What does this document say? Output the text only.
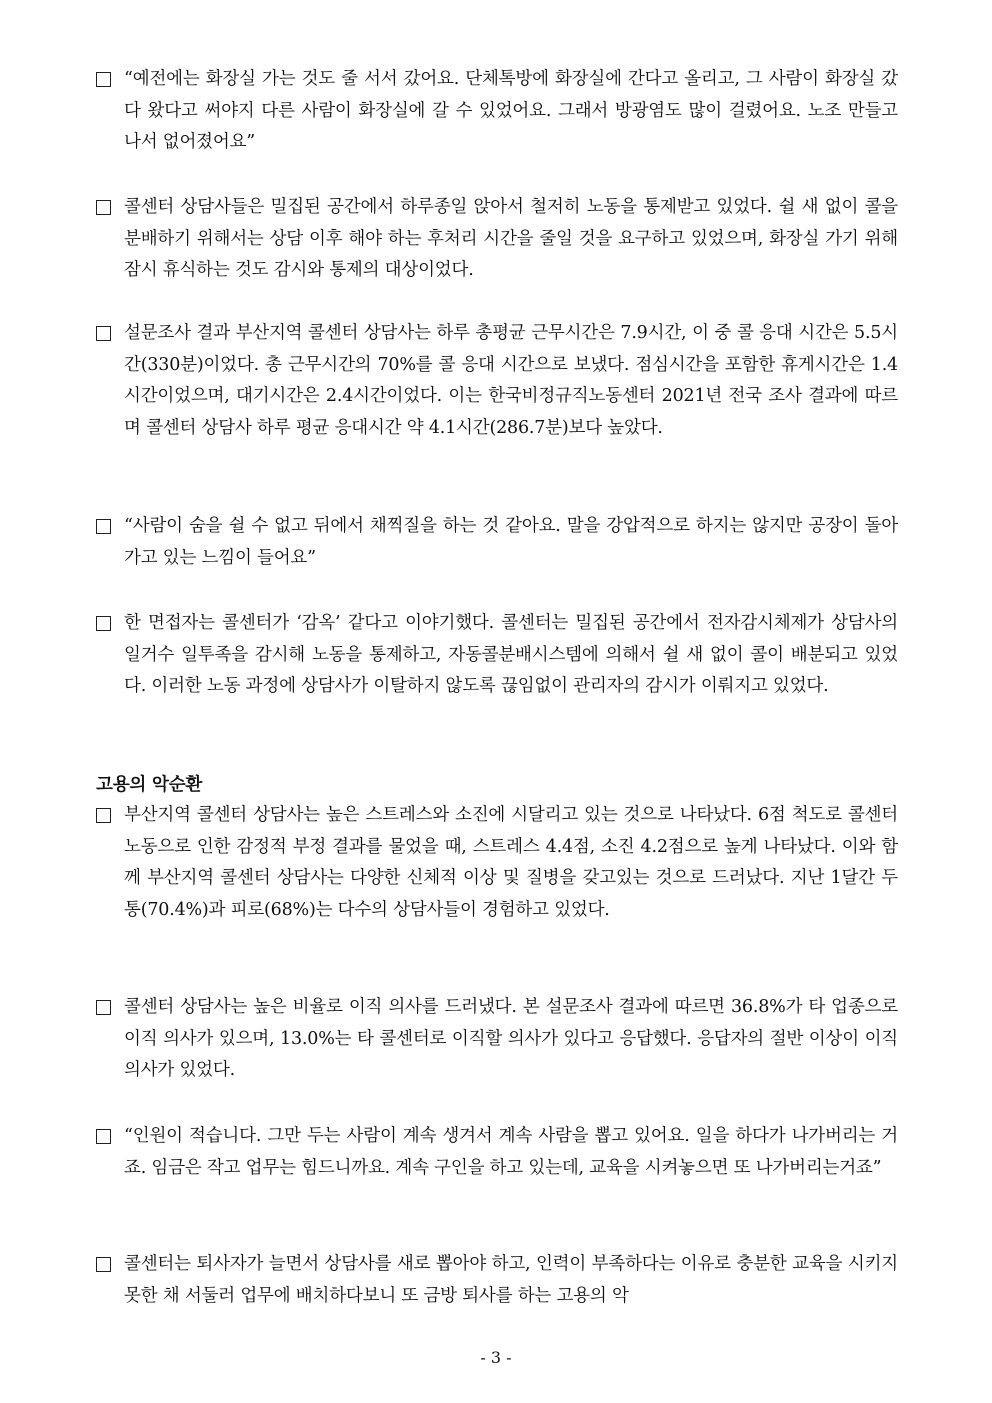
“예전에는 화장실 가는 것도 줄 서서 갔어요. 단체톡방에 화장실에 간다고 올리고, 그 사람이 화장실 갔다 왔다고 써야지 다른 사람이 화장실에 갈 수 있었어요. 그래서 방광염도 많이 걸렸어요. 노조 만들고 나서 없어졌어요”
콜센터 상담사들은 밀집된 공간에서 하루종일 앉아서 철저히 노동을 통제받고 있었다. 쉴 새 없이 콜을 분배하기 위해서는 상담 이후 해야 하는 후처리 시간을 줄일 것을 요구하고 있었으며, 화장실 가기 위해 잠시 휴식하는 것도 감시와 통제의 대상이었다.
설문조사 결과 부산지역 콜센터 상담사는 하루 총평균 근무시간은 7.9시간, 이 중 콜 응대 시간은 5.5시간(330분)이었다. 총 근무시간의 70%를 콜 응대 시간으로 보냈다. 점심시간을 포함한 휴게시간은 1.4시간이었으며, 대기시간은 2.4시간이었다. 이는 한국비정규직노동센터 2021년 전국 조사 결과에 따르며 콜센터 상담사 하루 평균 응대시간 약 4.1시간(286.7분)보다 높았다.
“사람이 숨을 쉴 수 없고 뒤에서 채찍질을 하는 것 같아요. 말을 강압적으로 하지는 않지만 공장이 돌아가고 있는 느낌이 들어요”
한 면접자는 콜센터가 ‘감옥’ 같다고 이야기했다. 콜센터는 밀집된 공간에서 전자감시체제가 상담사의 일거수 일투족을 감시해 노동을 통제하고, 자동콜분배시스템에 의해서 쉴 새 없이 콜이 배분되고 있었다. 이러한 노동 과정에 상담사가 이탈하지 않도록 끊임없이 관리자의 감시가 이뤄지고 있었다.
고용의 악순환
부산지역 콜센터 상담사는 높은 스트레스와 소진에 시달리고 있는 것으로 나타났다. 6점 척도로 콜센터 노동으로 인한 감정적 부정 결과를 물었을 때, 스트레스 4.4점, 소진 4.2점으로 높게 나타났다. 이와 함께 부산지역 콜센터 상담사는 다양한 신체적 이상 및 질병을 갖고있는 것으로 드러났다. 지난 1달간 두통(70.4%)과 피로(68%)는 다수의 상담사들이 경험하고 있었다.
콜센터 상담사는 높은 비율로 이직 의사를 드러냈다. 본 설문조사 결과에 따르면 36.8%가 타 업종으로 이직 의사가 있으며, 13.0%는 타 콜센터로 이직할 의사가 있다고 응답했다. 응답자의 절반 이상이 이직 의사가 있었다.
“인원이 적습니다. 그만 두는 사람이 계속 생겨서 계속 사람을 뽑고 있어요. 일을 하다가 나가버리는 거죠. 임금은 작고 업무는 힘드니까요. 계속 구인을 하고 있는데, 교육을 시켜놓으면 또 나가버리는거죠”
콜센터는 퇴사자가 늘면서 상담사를 새로 뽑아야 하고, 인력이 부족하다는 이유로 충분한 교육을 시키지 못한 채 서둘러 업무에 배치하다보니 또 금방 퇴사를 하는 고용의 악
- 3 -
